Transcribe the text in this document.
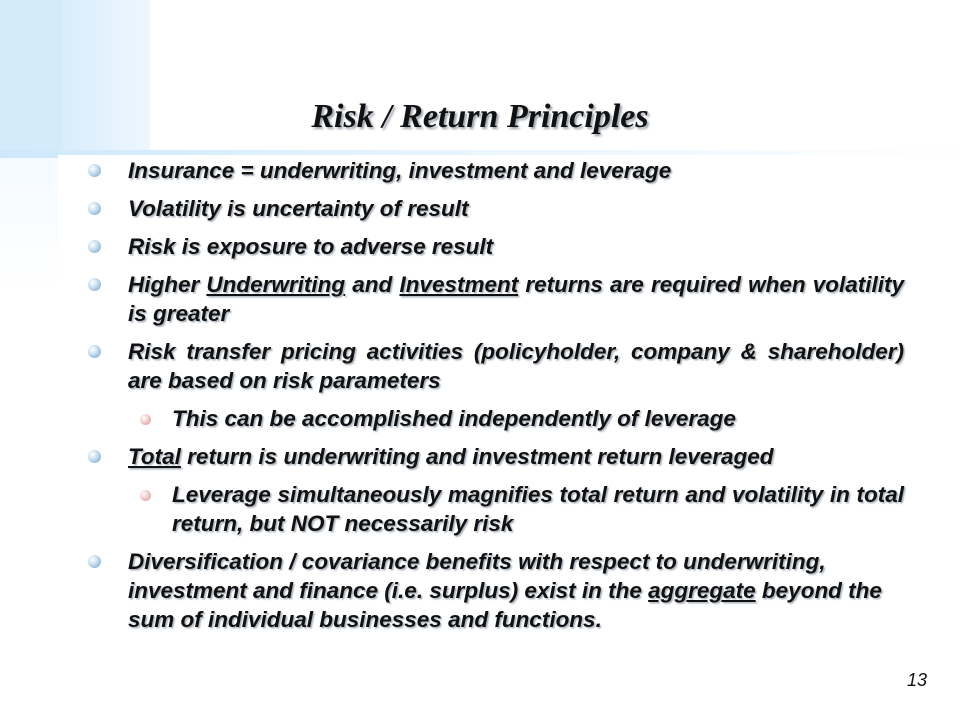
Risk / Return Principles
Insurance = underwriting, investment and leverage
Volatility is uncertainty of result
Risk is exposure to adverse result
Higher Underwriting and Investment returns are required when volatility is greater
Risk transfer pricing activities (policyholder, company & shareholder) are based on risk parameters
This can be accomplished independently of leverage
Total return is underwriting and investment return leveraged
Leverage simultaneously magnifies total return and volatility in total return, but NOT necessarily risk
Diversification / covariance benefits with respect to underwriting, investment and finance (i.e. surplus) exist in the aggregate beyond the sum of individual businesses and functions.
13
